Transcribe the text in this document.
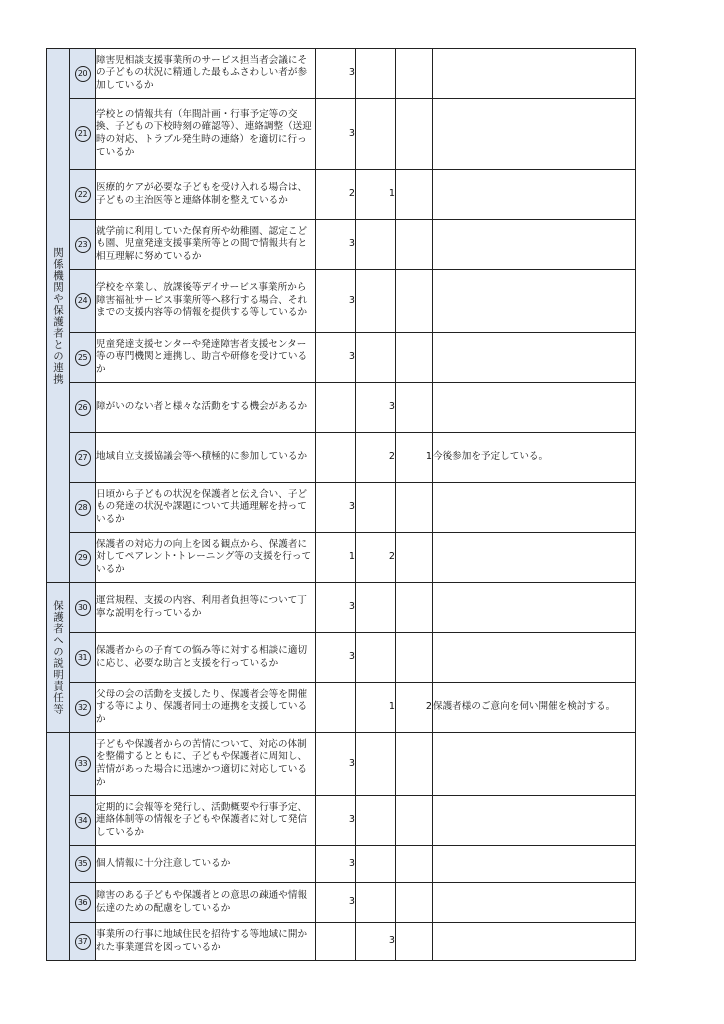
関係機関や保護者との連携	20	障害児相談支援事業所のサービス担当者会議にその子どもの状況に精通した最もふさわしい者が参加しているか	3			
	21	学校との情報共有（年間計画・行事予定等の交換、子どもの下校時刻の確認等）、連絡調整（送迎時の対応、トラブル発生時の連絡）を適切に行っているか	3			
	22	医療的ケアが必要な子どもを受け入れる場合は、子どもの主治医等と連絡体制を整えているか	2	1		
	23	就学前に利用していた保育所や幼稚園、認定こども園、児童発達支援事業所等との間で情報共有と相互理解に努めているか	3			
	24	学校を卒業し、放課後等デイサービス事業所から障害福祉サービス事業所等へ移行する場合、それまでの支援内容等の情報を提供する等しているか	3			
	25	児童発達支援センターや発達障害者支援センター等の専門機関と連携し、助言や研修を受けているか	3			
	26	障がいのない者と様々な活動をする機会があるか		3		
	27	地域自立支援協議会等へ積極的に参加しているか		2	1	今後参加を予定している。
	28	日頃から子どもの状況を保護者と伝え合い、子どもの発達の状況や課題について共通理解を持っているか	3			
	29	保護者の対応力の向上を図る観点から、保護者に対してペアレント･トレーニング等の支援を行っているか	1	2		

保護者への説明責任等	30	運営規程、支援の内容、利用者負担等について丁寧な説明を行っているか	3			
	31	保護者からの子育ての悩み等に対する相談に適切に応じ、必要な助言と支援を行っているか	3			
	32	父母の会の活動を支援したり、保護者会等を開催する等により、保護者同士の連携を支援しているか		1	2	保護者様のご意向を伺い開催を検討する。

	33	子どもや保護者からの苦情について、対応の体制を整備するとともに、子どもや保護者に周知し、苦情があった場合に迅速かつ適切に対応しているか	3			
	34	定期的に会報等を発行し、活動概要や行事予定、連絡体制等の情報を子どもや保護者に対して発信しているか	3			
	35	個人情報に十分注意しているか	3			
	36	障害のある子どもや保護者との意思の疎通や情報伝達のための配慮をしているか	3			
	37	事業所の行事に地域住民を招待する等地域に開かれた事業運営を図っているか		3		
